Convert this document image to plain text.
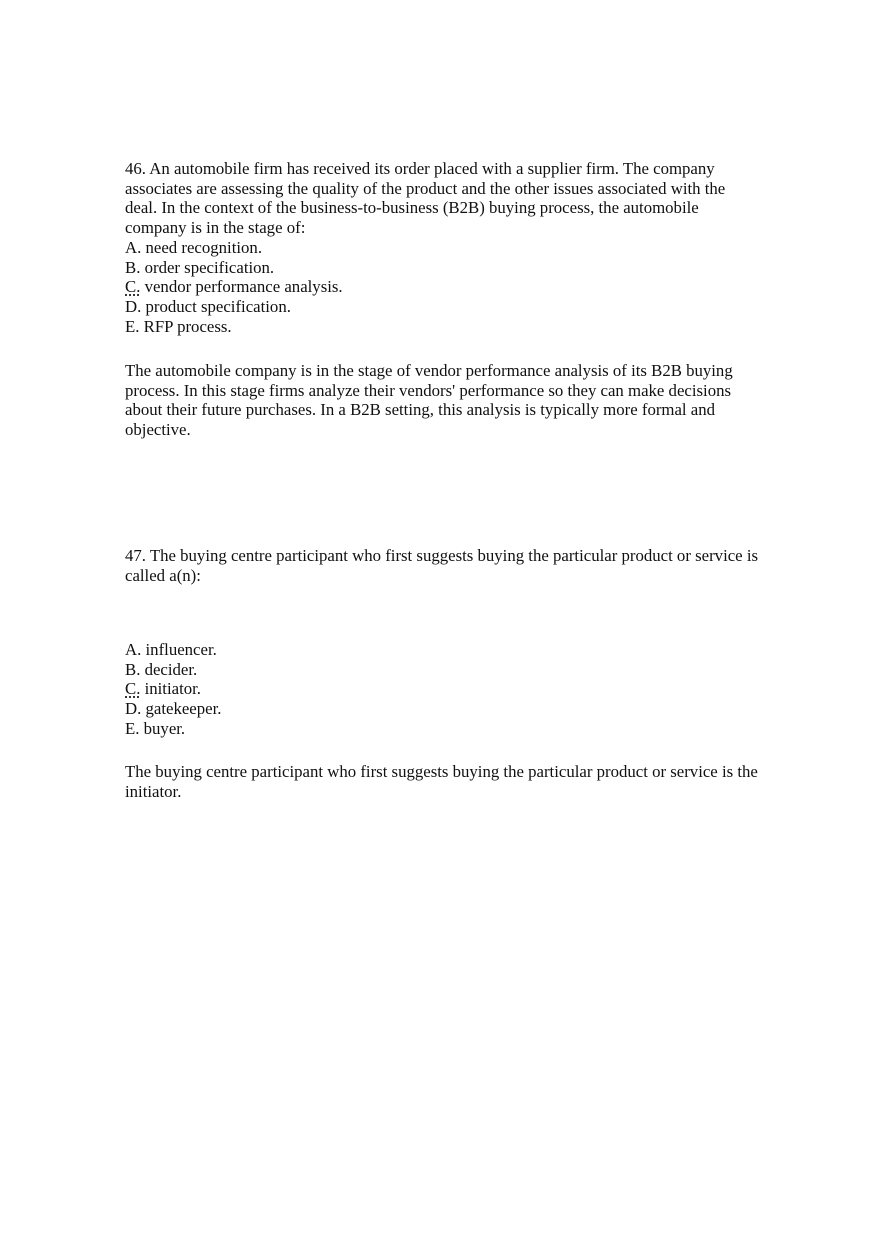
46. An automobile firm has received its order placed with a supplier firm. The company
associates are assessing the quality of the product and the other issues associated with the
deal. In the context of the business-to-business (B2B) buying process, the automobile
company is in the stage of:
A. need recognition.
B. order specification.
C. vendor performance analysis.
D. product specification.
E. RFP process.
The automobile company is in the stage of vendor performance analysis of its B2B buying
process. In this stage firms analyze their vendors' performance so they can make decisions
about their future purchases. In a B2B setting, this analysis is typically more formal and
objective.
47. The buying centre participant who first suggests buying the particular product or service is
called a(n):
A. influencer.
B. decider.
C. initiator.
D. gatekeeper.
E. buyer.
The buying centre participant who first suggests buying the particular product or service is the
initiator.
